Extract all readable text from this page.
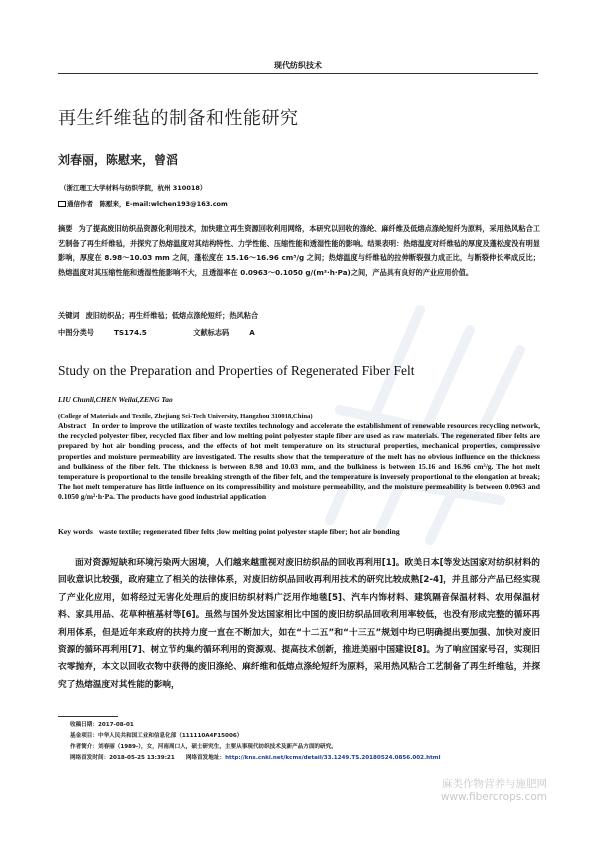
现代纺织技术
再生纤维毡的制备和性能研究
刘春丽，陈慰来，曾滔
（浙江理工大学材料与纺织学院，杭州 310018）
通信作者　陈慰来，E-mail:wlchen193@163.com
摘要 为了提高废旧纺织品资源化利用技术，加快建立再生资源回收利用网络，本研究以回收的涤纶、麻纤维及低熔点涤纶短纤为原料，采用热风粘合工艺制备了再生纤维毡，并探究了热熔温度对其结构特性、力学性能、压缩性能和透湿性能的影响。结果表明：热熔温度对纤维毡的厚度及蓬松度没有明显影响，厚度在 8.98～10.03 mm 之间，蓬松度在 15.16～16.96 cm³/g 之间；热熔温度与纤维毡的拉伸断裂强力成正比，与断裂伸长率成反比；热熔温度对其压缩性能和透湿性能影响不大，且透湿率在 0.0963～0.1050 g/(m²·h·Pa)之间，产品具有良好的产业应用价值。
关键词 废旧纺织品；再生纤维毡；低熔点涤纶短纤；热风粘合
中图分类号	TS174.5	文献标志码	A
Study on the Preparation and Properties of Regenerated Fiber Felt
LIU Chunli,CHEN Weilai,ZENG Tao
(College of Materials and Textile, Zhejiang Sci-Tech University, Hangzhou 310018,China)
Abstract In order to improve the utilization of waste textiles technology and accelerate the establishment of renewable resources recycling network, the recycled polyester fiber, recycled flax fiber and low melting point polyester staple fiber are used as raw materials. The regenerated fiber felts are prepared by hot air bonding process, and the effects of hot melt temperature on its structural properties, mechanical properties, compressive properties and moisture permeability are investigated. The results show that the temperature of the melt has no obvious influence on the thickness and bulkiness of the fiber felt. The thickness is between 8.98 and 10.03 mm, and the bulkiness is between 15.16 and 16.96 cm³/g. The hot melt temperature is proportional to the tensile breaking strength of the fiber felt, and the temperature is inversely proportional to the elongation at break; The hot melt temperature has little influence on its compressibility and moisture permeability, and the moisture permeability is between 0.0963 and 0.1050 g/m²·h·Pa. The products have good industrial application
Key words waste textile; regenerated fiber felts ;low melting point polyester staple fiber; hot air bonding
面对资源短缺和环境污染两大困境，人们越来越重视对废旧纺织品的回收再利用[1]。欧美日本[等发达国家对纺织材料的回收意识比较强，政府建立了相关的法律体系，对废旧纺织品回收再利用技术的研究比较成熟[2-4]，并且部分产品已经实现了产业化应用，如将经过无害化处理后的废旧纺织材料广泛用作地毯[5]、汽车内饰材料、建筑隔音保温材料、农用保温材料、家具用品、花草种植基材等[6]。虽然与国外发达国家相比中国的废旧纺织品回收利用率较低，也没有形成完整的循环再利用体系，但是近年来政府的扶持力度一直在不断加大，如在“十二五”和“十三五”规划中均已明确提出要加强、加快对废旧资源的循环再利用[7]、树立节约集约循环利用的资源观、提高技术创新，推进美丽中国建设[8]。为了响应国家号召，实现旧衣零抛弃，本文以回收衣物中获得的废旧涤纶、麻纤维和低熔点涤纶短纤为原料，采用热风粘合工艺制备了再生纤维毡，并探究了热熔温度对其性能的影响，
收稿日期：2017-08-01
基金项目：中华人民共和国工业和信息化部（111110A4F15006）
作者简介：刘春丽（1989-），女，河南周口人，硕士研究生，主要从事现代纺织技术及新产品方面的研究。
网络首发时间：2018-05-25 13:39:21　　网络首发地址：http://kns.cnki.net/kcms/detail/33.1249.TS.20180524.0856.002.html
麻类作物营养与施肥网
www.fibercrops.com
